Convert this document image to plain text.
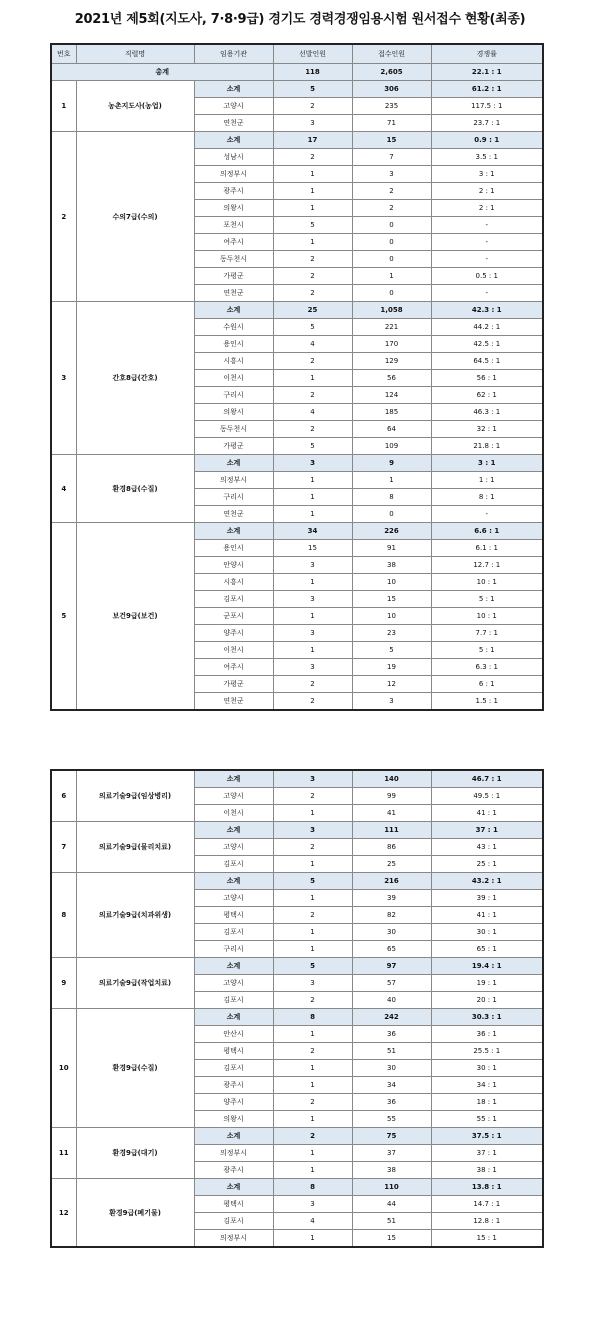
2021년 제5회(지도사, 7·8·9급) 경기도 경력경쟁임용시험 원서접수 현황(최종)
번호	직렬명	임용기관	선발인원	접수인원	경쟁률
총계			118	2,605	22.1 : 1
1	농촌지도사(농업)	소계	5	306	61.2 : 1
		고양시	2	235	117.5 : 1
		연천군	3	71	23.7 : 1
2	수의7급(수의)	소계	17	15	0.9 : 1
		성남시	2	7	3.5 : 1
		의정부시	1	3	3 : 1
		광주시	1	2	2 : 1
		의왕시	1	2	2 : 1
		포천시	5	0	-
		여주시	1	0	-
		동두천시	2	0	-
		가평군	2	1	0.5 : 1
		연천군	2	0	-
3	간호8급(간호)	소계	25	1,058	42.3 : 1
		수원시	5	221	44.2 : 1
		용인시	4	170	42.5 : 1
		시흥시	2	129	64.5 : 1
		이천시	1	56	56 : 1
		구리시	2	124	62 : 1
		의왕시	4	185	46.3 : 1
		동두천시	2	64	32 : 1
		가평군	5	109	21.8 : 1
4	환경8급(수질)	소계	3	9	3 : 1
		의정부시	1	1	1 : 1
		구리시	1	8	8 : 1
		연천군	1	0	-
5	보건9급(보건)	소계	34	226	6.6 : 1
		용인시	15	91	6.1 : 1
		안양시	3	38	12.7 : 1
		시흥시	1	10	10 : 1
		김포시	3	15	5 : 1
		군포시	1	10	10 : 1
		양주시	3	23	7.7 : 1
		이천시	1	5	5 : 1
		여주시	3	19	6.3 : 1
		가평군	2	12	6 : 1
		연천군	2	3	1.5 : 1
6	의료기술9급(임상병리)	소계	3	140	46.7 : 1
		고양시	2	99	49.5 : 1
		이천시	1	41	41 : 1
7	의료기술9급(물리치료)	소계	3	111	37 : 1
		고양시	2	86	43 : 1
		김포시	1	25	25 : 1
8	의료기술9급(치과위생)	소계	5	216	43.2 : 1
		고양시	1	39	39 : 1
		평택시	2	82	41 : 1
		김포시	1	30	30 : 1
		구리시	1	65	65 : 1
9	의료기술9급(작업치료)	소계	5	97	19.4 : 1
		고양시	3	57	19 : 1
		김포시	2	40	20 : 1
10	환경9급(수질)	소계	8	242	30.3 : 1
		안산시	1	36	36 : 1
		평택시	2	51	25.5 : 1
		김포시	1	30	30 : 1
		광주시	1	34	34 : 1
		양주시	2	36	18 : 1
		의왕시	1	55	55 : 1
11	환경9급(대기)	소계	2	75	37.5 : 1
		의정부시	1	37	37 : 1
		광주시	1	38	38 : 1
12	환경9급(폐기물)	소계	8	110	13.8 : 1
		평택시	3	44	14.7 : 1
		김포시	4	51	12.8 : 1
		의정부시	1	15	15 : 1
